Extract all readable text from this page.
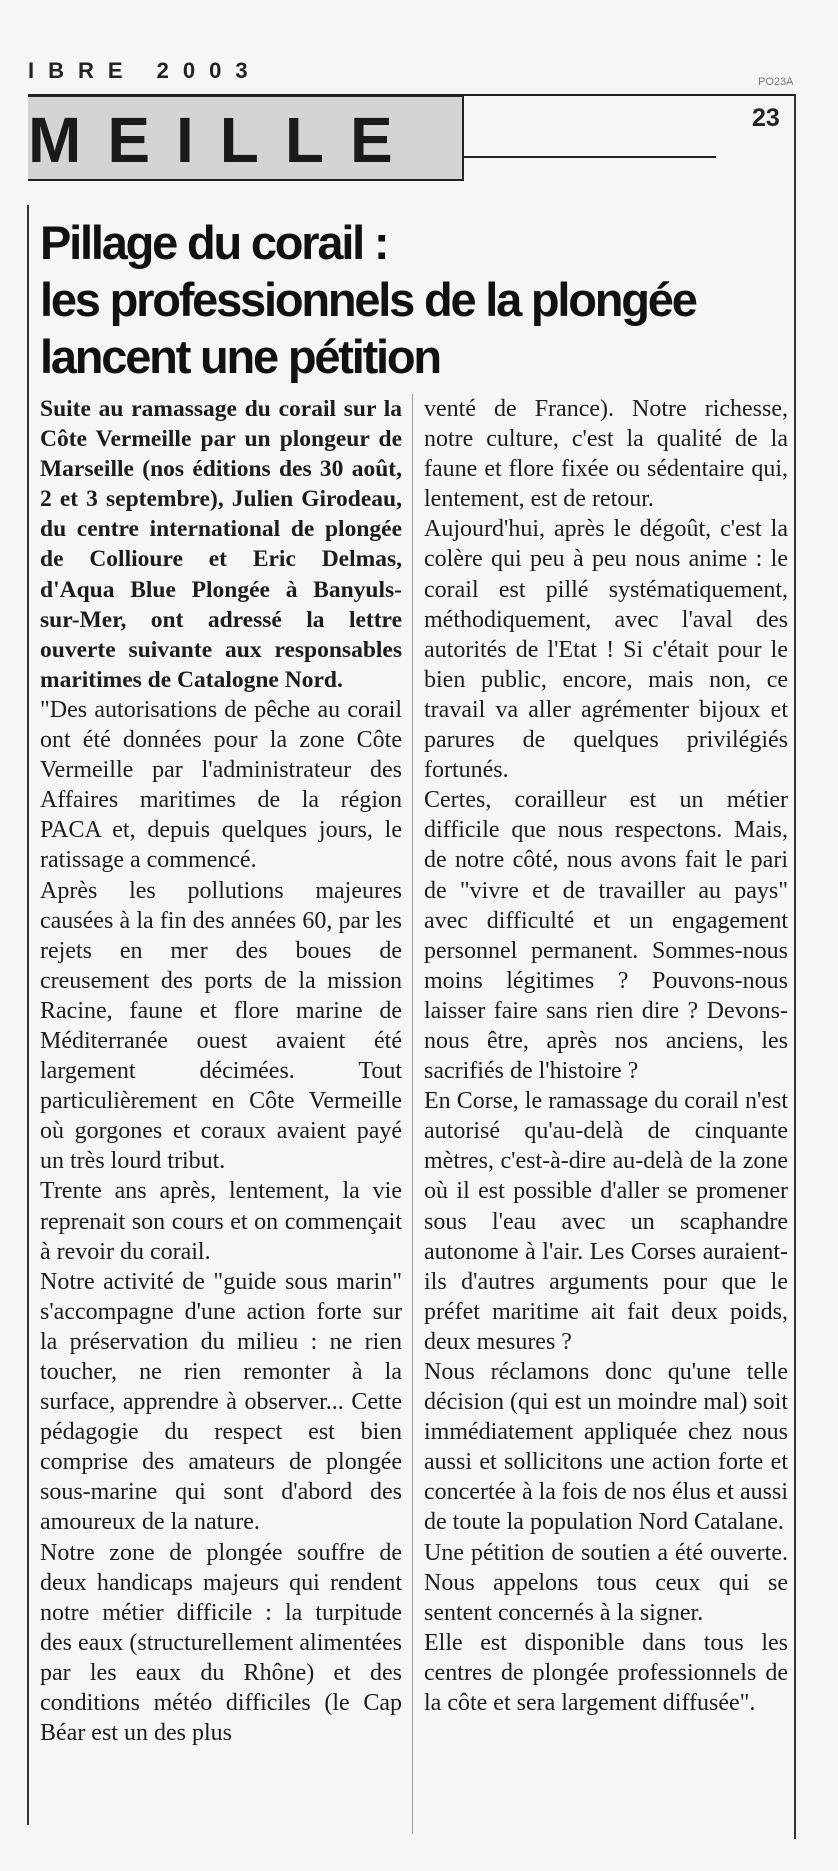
IBRE 2003	PO23A
MEILLE	23
Pillage du corail :
les professionnels de la plongée
lancent une pétition

Suite au ramassage du corail sur la Côte Vermeille par un plongeur de Marseille (nos éditions des 30 août, 2 et 3 septembre), Julien Girodeau, du centre international de plongée de Collioure et Eric Delmas, d'Aqua Blue Plongée à Banyuls-sur-Mer, ont adressé la lettre ouverte suivante aux responsables maritimes de Catalogne Nord.

"Des autorisations de pêche au corail ont été données pour la zone Côte Vermeille par l'administrateur des Affaires maritimes de la région PACA et, depuis quelques jours, le ratissage a commencé.

Après les pollutions majeures causées à la fin des années 60, par les rejets en mer des boues de creusement des ports de la mission Racine, faune et flore marine de Méditerranée ouest avaient été largement décimées. Tout particulièrement en Côte Vermeille où gorgones et coraux avaient payé un très lourd tribut.

Trente ans après, lentement, la vie reprenait son cours et on commençait à revoir du corail.

Notre activité de "guide sous marin" s'accompagne d'une action forte sur la préservation du milieu : ne rien toucher, ne rien remonter à la surface, apprendre à observer... Cette pédagogie du respect est bien comprise des amateurs de plongée sous-marine qui sont d'abord des amoureux de la nature.

Notre zone de plongée souffre de deux handicaps majeurs qui rendent notre métier difficile : la turpitude des eaux (structurellement alimentées par les eaux du Rhône) et des conditions météo difficiles (le Cap Béar est un des plus

venté de France). Notre richesse, notre culture, c'est la qualité de la faune et flore fixée ou sédentaire qui, lentement, est de retour.

Aujourd'hui, après le dégoût, c'est la colère qui peu à peu nous anime : le corail est pillé systématiquement, méthodiquement, avec l'aval des autorités de l'Etat ! Si c'était pour le bien public, encore, mais non, ce travail va aller agrémenter bijoux et parures de quelques privilégiés fortunés.

Certes, corailleur est un métier difficile que nous respectons. Mais, de notre côté, nous avons fait le pari de "vivre et de travailler au pays" avec difficulté et un engagement personnel permanent. Sommes-nous moins légitimes ? Pouvons-nous laisser faire sans rien dire ? Devons-nous être, après nos anciens, les sacrifiés de l'histoire ?

En Corse, le ramassage du corail n'est autorisé qu'au-delà de cinquante mètres, c'est-à-dire au-delà de la zone où il est possible d'aller se promener sous l'eau avec un scaphandre autonome à l'air. Les Corses auraient-ils d'autres arguments pour que le préfet maritime ait fait deux poids, deux mesures ?

Nous réclamons donc qu'une telle décision (qui est un moindre mal) soit immédiatement appliquée chez nous aussi et sollicitons une action forte et concertée à la fois de nos élus et aussi de toute la population Nord Catalane.

Une pétition de soutien a été ouverte. Nous appelons tous ceux qui se sentent concernés à la signer.

Elle est disponible dans tous les centres de plongée professionnels de la côte et sera largement diffusée".
